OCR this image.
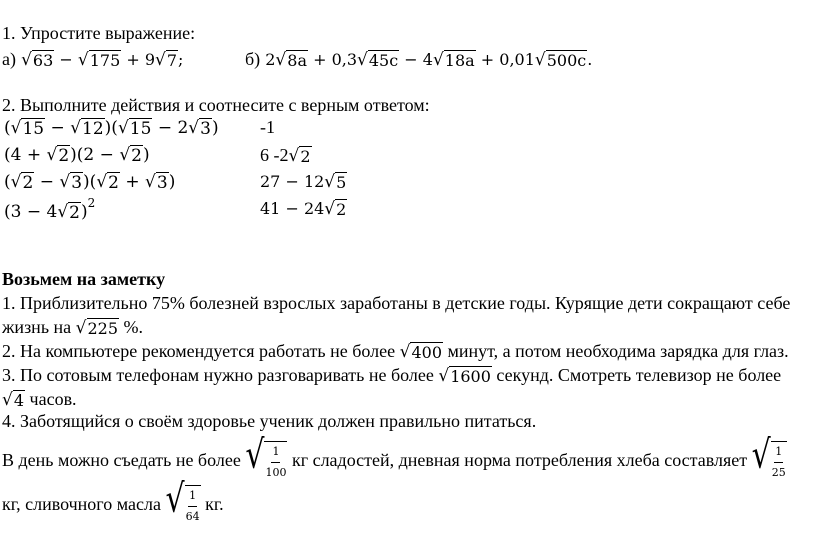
1. Упростите выражение:
а) √ 63 − √ 175 + 9 √ 7 ;	б) 2 √ 8a + 0,3 √ 45c − 4 √ 18a + 0,01 √ 500c .
2. Выполните действия и соотнесите с верным ответом:
( √ 15 − √ 12 )( √ 15 − 2 √ 3 )
(4 + √ 2 )(2 − √ 2 )
( √ 2 − √ 3 )( √ 2 + √ 3 )
(3 − 4 √ 2 )$^2$
-1
6 -2 √ 2
27 − 12 √ 5
41 − 24 √ 2
Возьмем на заметку
1. Приблизительно 75% болезней взрослых заработаны в детские годы. Курящие дети сокращают себе
жизнь на √ 225 %.
2. На компьютере рекомендуется работать не более √ 400 минут, а потом необходима зарядка для глаз.
3. По сотовым телефонам нужно разговаривать не более √ 1600 секунд. Смотреть телевизор не более
√ 4 часов.
4. Заботящийся о своём здоровье ученик должен правильно питаться.
В день можно съедать не более √ $\frac{1}{100}$ кг сладостей, дневная норма потребления хлеба составляет √ $\frac{1}{25}$
кг, сливочного масла √ $\frac{1}{64}$ кг.
